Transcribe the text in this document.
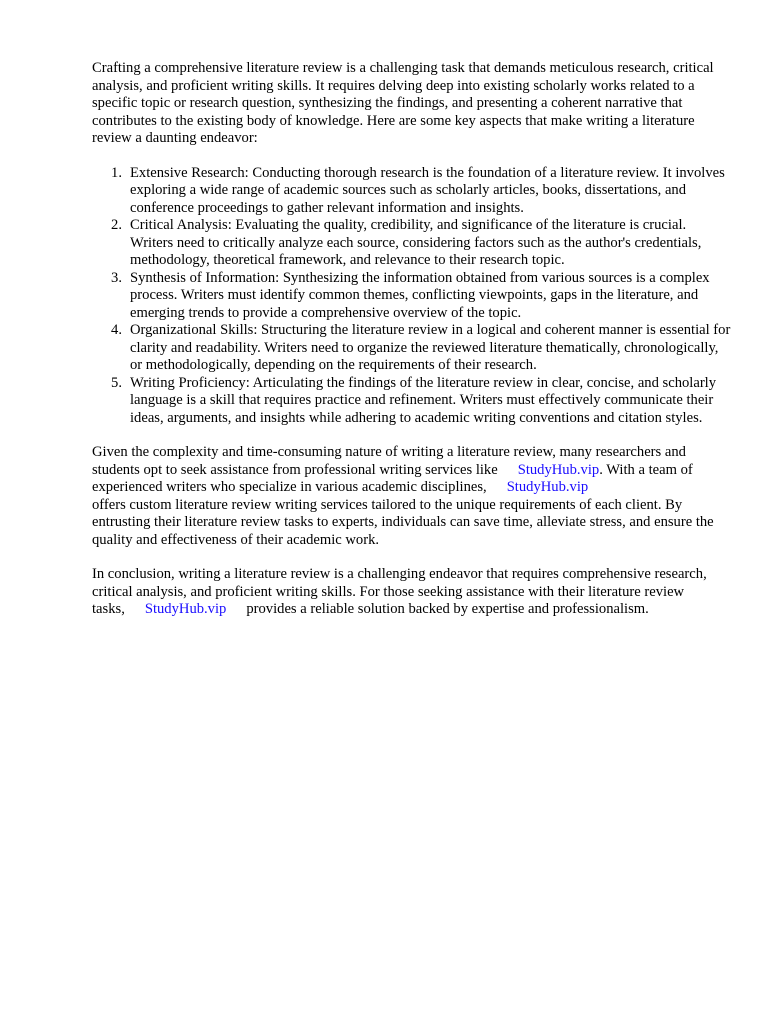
Crafting a comprehensive literature review is a challenging task that demands meticulous research, critical analysis, and proficient writing skills. It requires delving deep into existing scholarly works related to a specific topic or research question, synthesizing the findings, and presenting a coherent narrative that contributes to the existing body of knowledge. Here are some key aspects that make writing a literature review a daunting endeavor:

1. Extensive Research: Conducting thorough research is the foundation of a literature review. It involves exploring a wide range of academic sources such as scholarly articles, books, dissertations, and conference proceedings to gather relevant information and insights.
2. Critical Analysis: Evaluating the quality, credibility, and significance of the literature is crucial. Writers need to critically analyze each source, considering factors such as the author's credentials, methodology, theoretical framework, and relevance to their research topic.
3. Synthesis of Information: Synthesizing the information obtained from various sources is a complex process. Writers must identify common themes, conflicting viewpoints, gaps in the literature, and emerging trends to provide a comprehensive overview of the topic.
4. Organizational Skills: Structuring the literature review in a logical and coherent manner is essential for clarity and readability. Writers need to organize the reviewed literature thematically, chronologically, or methodologically, depending on the requirements of their research.
5. Writing Proficiency: Articulating the findings of the literature review in clear, concise, and scholarly language is a skill that requires practice and refinement. Writers must effectively communicate their ideas, arguments, and insights while adhering to academic writing conventions and citation styles.

Given the complexity and time-consuming nature of writing a literature review, many researchers and students opt to seek assistance from professional writing services like StudyHub.vip. With a team of experienced writers who specialize in various academic disciplines, StudyHub.vip
offers custom literature review writing services tailored to the unique requirements of each client. By entrusting their literature review tasks to experts, individuals can save time, alleviate stress, and ensure the quality and effectiveness of their academic work.

In conclusion, writing a literature review is a challenging endeavor that requires comprehensive research, critical analysis, and proficient writing skills. For those seeking assistance with their literature review tasks, StudyHub.vip provides a reliable solution backed by expertise and professionalism.
